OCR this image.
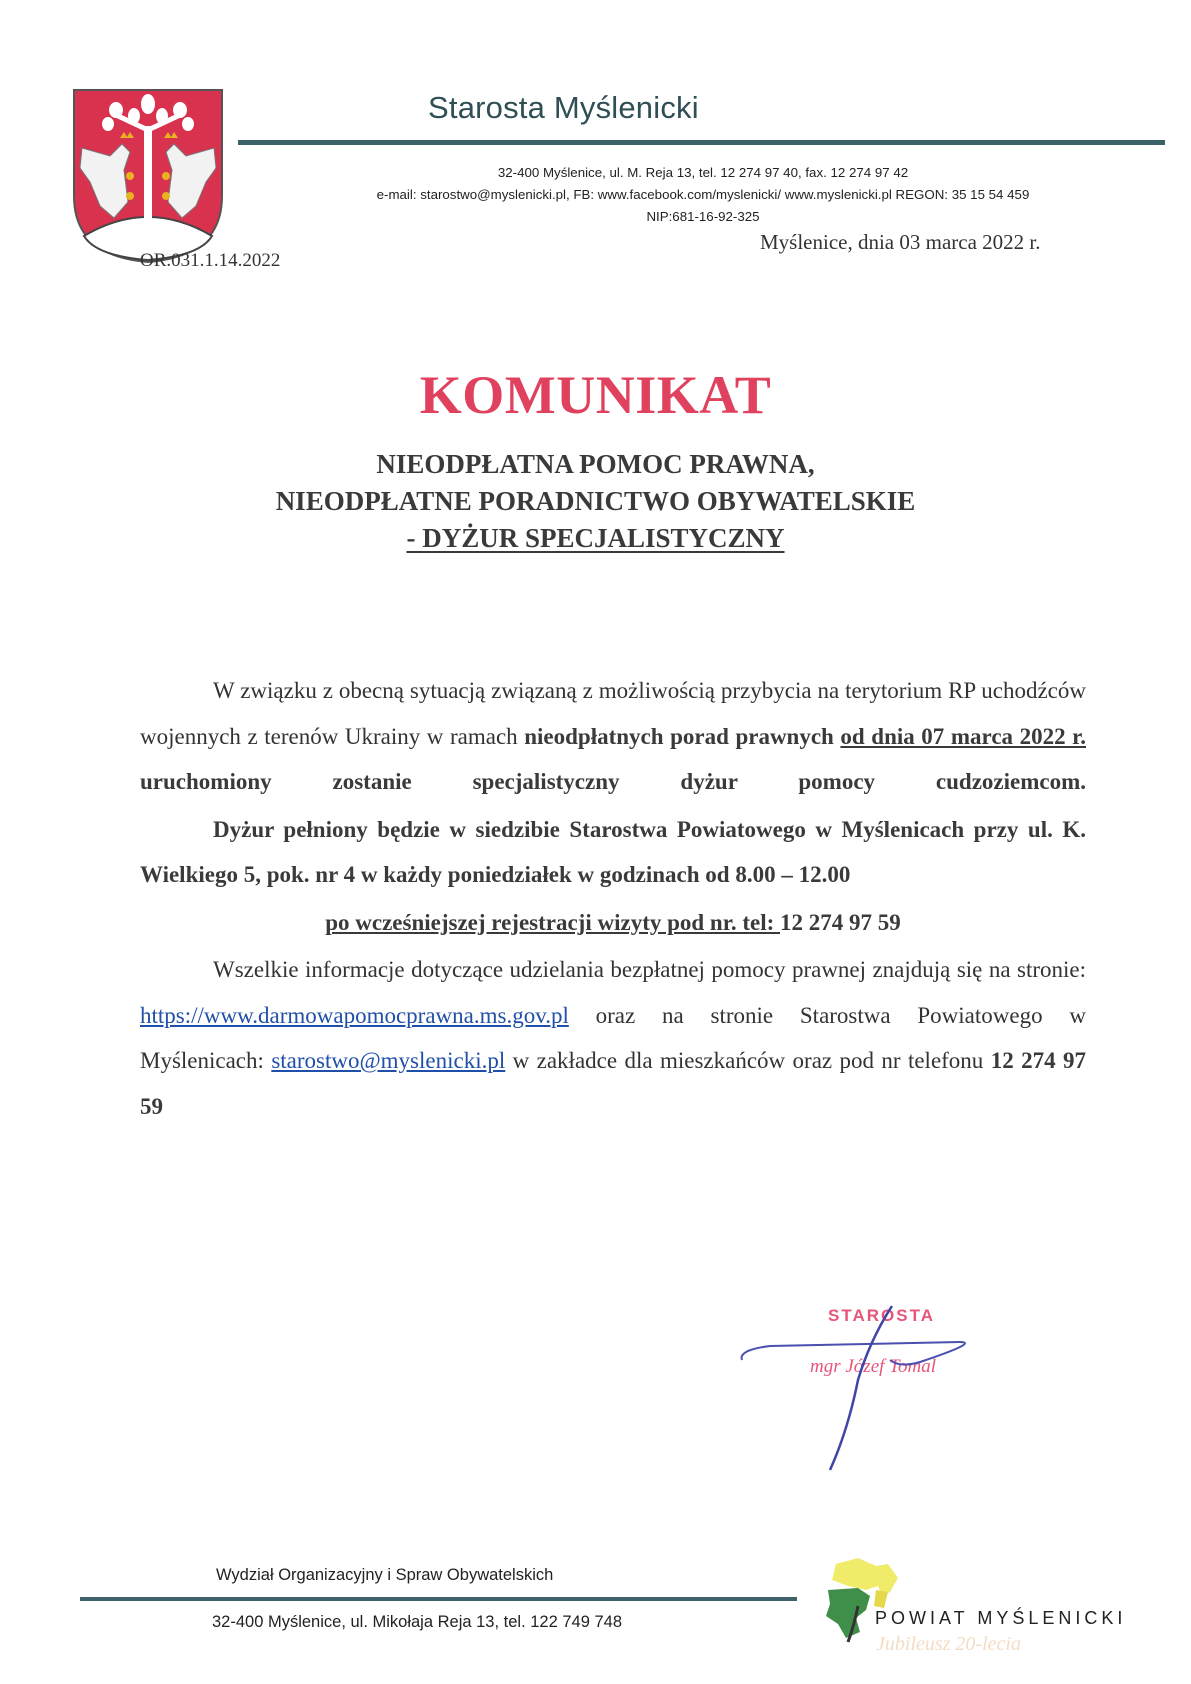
Starosta Myślenicki
32-400 Myślenice, ul. M. Reja 13, tel. 12 274 97 40, fax. 12 274 97 42
e-mail: starostwo@myslenicki.pl, FB: www.facebook.com/myslenicki/ www.myslenicki.pl REGON: 35 15 54 459
NIP:681-16-92-325
OR.031.1.14.2022
Myślenice, dnia 03 marca 2022 r.
KOMUNIKAT
NIEODPŁATNA POMOC PRAWNA,
NIEODPŁATNE PORADNICTWO OBYWATELSKIE
- DYŻUR SPECJALISTYCZNY

W związku z obecną sytuacją związaną z możliwością przybycia na terytorium RP uchodźców wojennych z terenów Ukrainy w ramach nieodpłatnych porad prawnych od dnia 07 marca 2022 r. uruchomiony zostanie specjalistyczny dyżur pomocy cudzoziemcom.

Dyżur pełniony będzie w siedzibie Starostwa Powiatowego w Myślenicach przy ul. K. Wielkiego 5, pok. nr 4 w każdy poniedziałek w godzinach od 8.00 – 12.00

po wcześniejszej rejestracji wizyty pod nr. tel: 12 274 97 59

Wszelkie informacje dotyczące udzielania bezpłatnej pomocy prawnej znajdują się na stronie: https://www.darmowapomocprawna.ms.gov.pl oraz na stronie Starostwa Powiatowego w Myślenicach: starostwo@myslenicki.pl w zakładce dla mieszkańców oraz pod nr telefonu 12 274 97 59

STAROSTA
mgr Józef Tomal
Wydział Organizacyjny i Spraw Obywatelskich
32-400 Myślenice, ul. Mikołaja Reja 13, tel. 122 749 748	POWIAT MYŚLENICKI
Jubileusz 20-lecia
